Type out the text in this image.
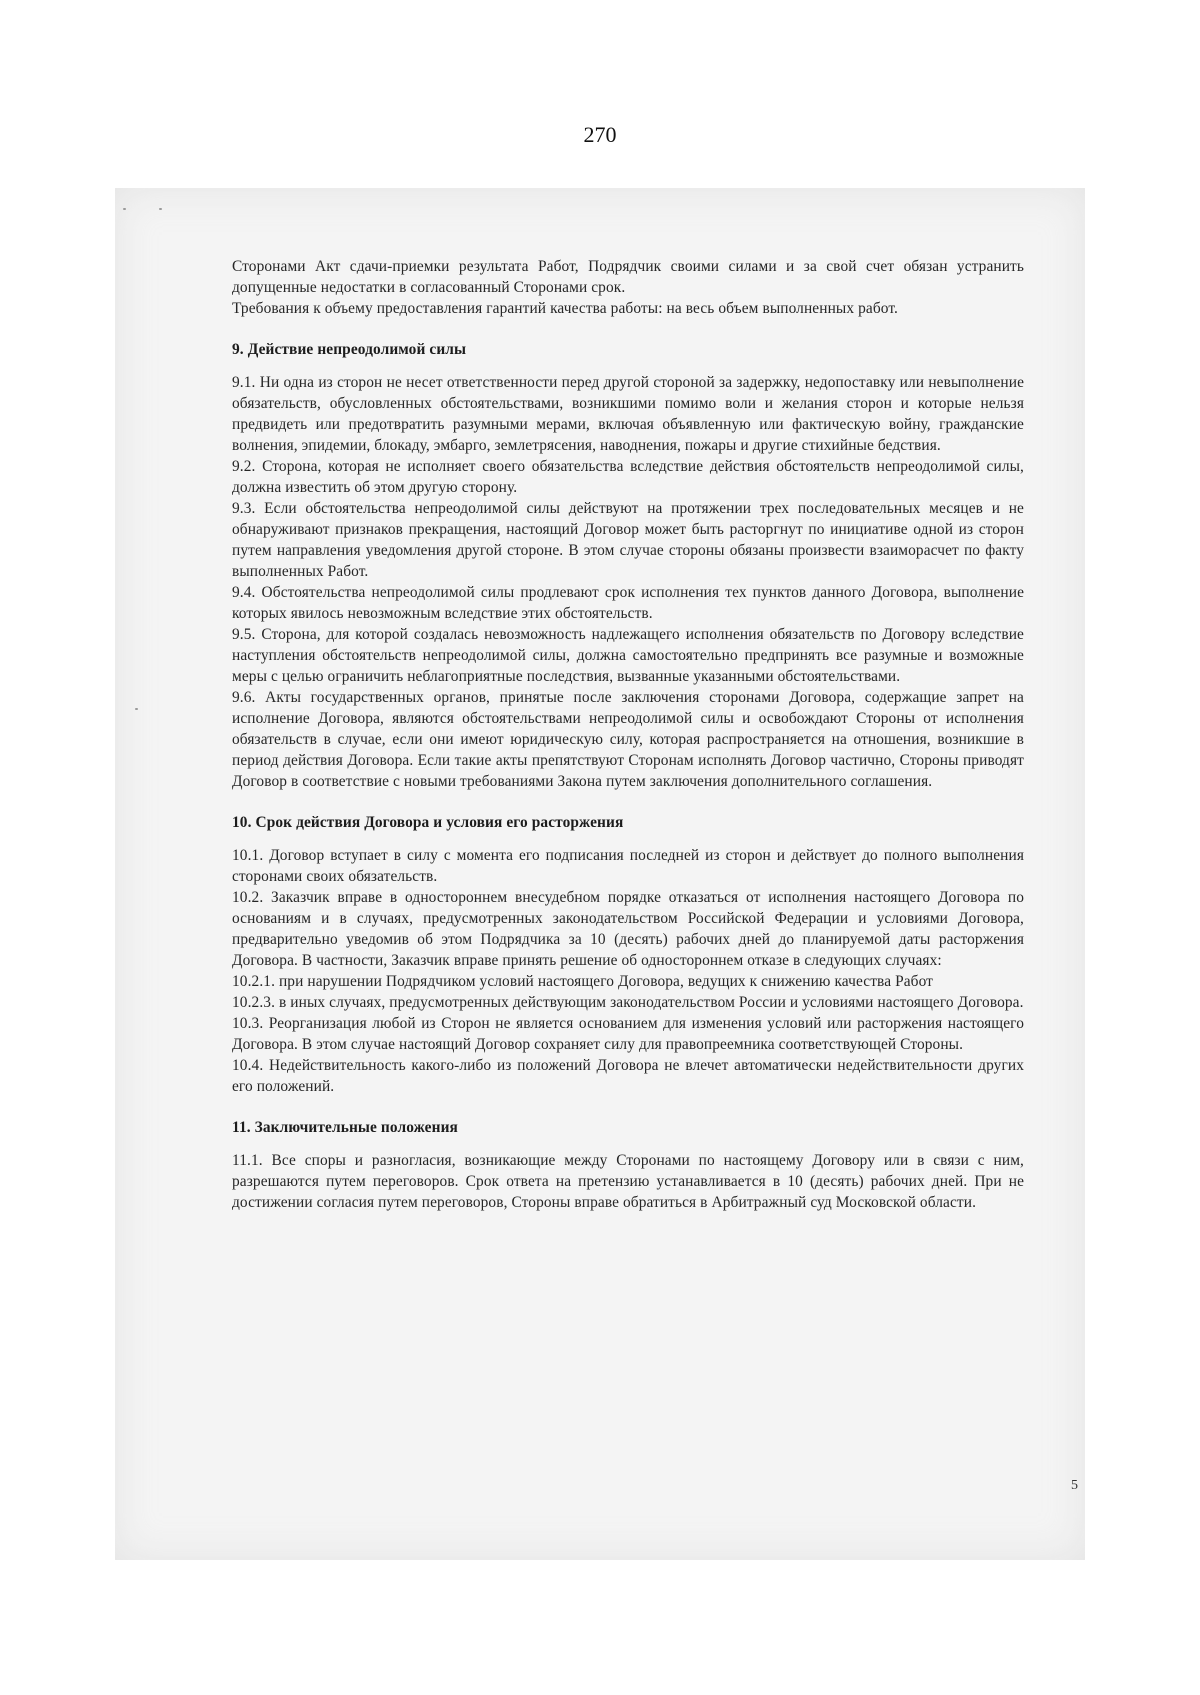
270

Сторонами Акт сдачи-приемки результата Работ, Подрядчик своими силами и за свой счет обязан устранить допущенные недостатки в согласованный Сторонами срок.

Требования к объему предоставления гарантий качества работы: на весь объем выполненных работ.

9. Действие непреодолимой силы

9.1. Ни одна из сторон не несет ответственности перед другой стороной за задержку, недопоставку или невыполнение обязательств, обусловленных обстоятельствами, возникшими помимо воли и желания сторон и которые нельзя предвидеть или предотвратить разумными мерами, включая объявленную или фактическую войну, гражданские волнения, эпидемии, блокаду, эмбарго, землетрясения, наводнения, пожары и другие стихийные бедствия.

9.2. Сторона, которая не исполняет своего обязательства вследствие действия обстоятельств непреодолимой силы, должна известить об этом другую сторону.

9.3. Если обстоятельства непреодолимой силы действуют на протяжении трех последовательных месяцев и не обнаруживают признаков прекращения, настоящий Договор может быть расторгнут по инициативе одной из сторон путем направления уведомления другой стороне. В этом случае стороны обязаны произвести взаиморасчет по факту выполненных Работ.

9.4. Обстоятельства непреодолимой силы продлевают срок исполнения тех пунктов данного Договора, выполнение которых явилось невозможным вследствие этих обстоятельств.

9.5. Сторона, для которой создалась невозможность надлежащего исполнения обязательств по Договору вследствие наступления обстоятельств непреодолимой силы, должна самостоятельно предпринять все разумные и возможные меры с целью ограничить неблагоприятные последствия, вызванные указанными обстоятельствами.

9.6. Акты государственных органов, принятые после заключения сторонами Договора, содержащие запрет на исполнение Договора, являются обстоятельствами непреодолимой силы и освобождают Стороны от исполнения обязательств в случае, если они имеют юридическую силу, которая распространяется на отношения, возникшие в период действия Договора. Если такие акты препятствуют Сторонам исполнять Договор частично, Стороны приводят Договор в соответствие с новыми требованиями Закона путем заключения дополнительного соглашения.

10. Срок действия Договора и условия его расторжения

10.1. Договор вступает в силу с момента его подписания последней из сторон и действует до полного выполнения сторонами своих обязательств.

10.2. Заказчик вправе в одностороннем внесудебном порядке отказаться от исполнения настоящего Договора по основаниям и в случаях, предусмотренных законодательством Российской Федерации и условиями Договора, предварительно уведомив об этом Подрядчика за 10 (десять) рабочих дней до планируемой даты расторжения Договора. В частности, Заказчик вправе принять решение об одностороннем отказе в следующих случаях:

10.2.1. при нарушении Подрядчиком условий настоящего Договора, ведущих к снижению качества Работ

10.2.3. в иных случаях, предусмотренных действующим законодательством России и условиями настоящего Договора.

10.3. Реорганизация любой из Сторон не является основанием для изменения условий или расторжения настоящего Договора. В этом случае настоящий Договор сохраняет силу для правопреемника соответствующей Стороны.

10.4. Недействительность какого-либо из положений Договора не влечет автоматически недействительности других его положений.

11. Заключительные положения

11.1. Все споры и разногласия, возникающие между Сторонами по настоящему Договору или в связи с ним, разрешаются путем переговоров. Срок ответа на претензию устанавливается в 10 (десять) рабочих дней. При не достижении согласия путем переговоров, Стороны вправе обратиться в Арбитражный суд Московской области.

5
